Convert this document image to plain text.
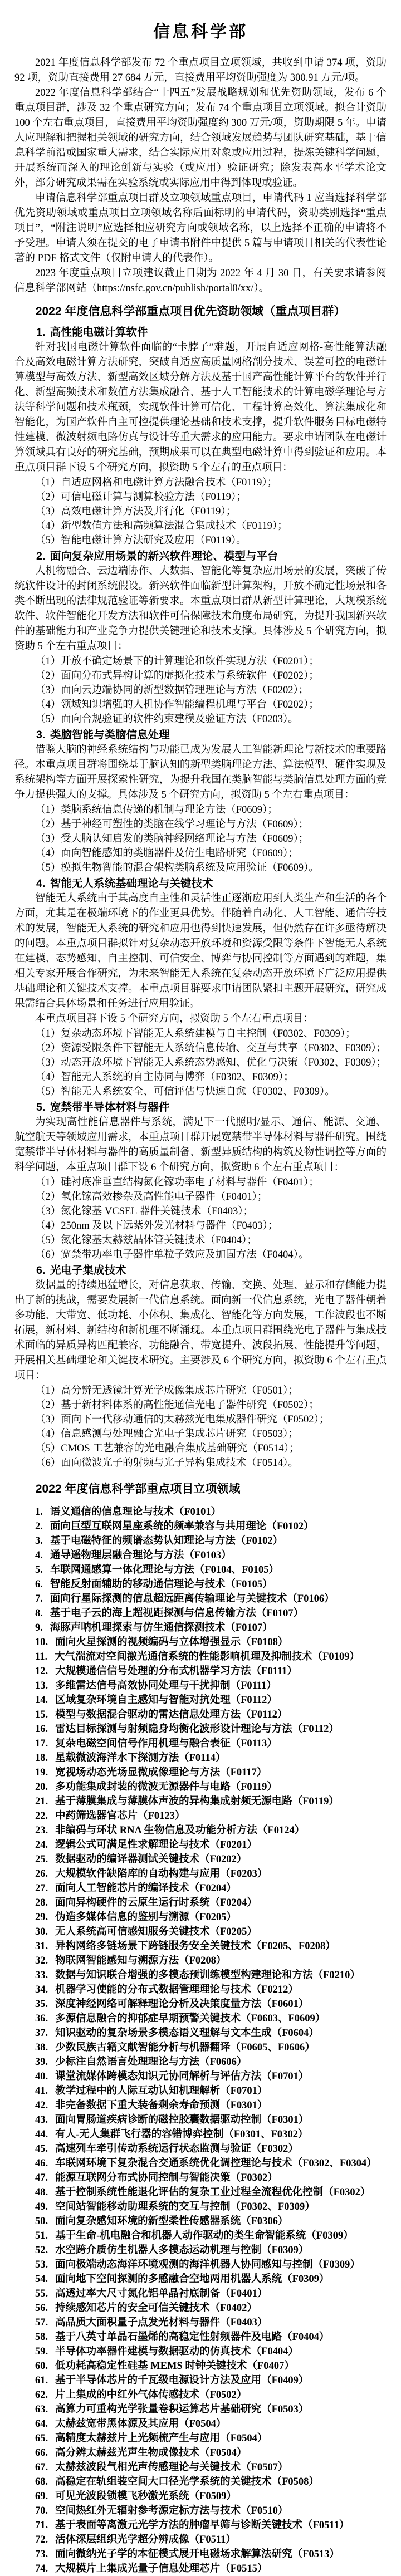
信息科学部

2021 年度信息科学部发布 72 个重点项目立项领域，共收到申请 374 项，资助 92 项，资助直接费用 27 684 万元，直接费用平均资助强度为 300.91 万元/项。

2022 年度信息科学部结合“十四五”发展战略规划和优先资助领域，发布 6 个重点项目群，涉及 32 个重点研究方向；发布 74 个重点项目立项领域。拟合计资助 100 个左右重点项目，直接费用平均资助强度约 300 万元/项，资助期限 5 年。申请人应理解和把握相关领域的研究方向，结合领域发展趋势与团队研究基础，基于信息科学前沿或国家重大需求，结合实际应用对象或应用过程，提炼关键科学问题，开展系统而深入的理论创新与实验（或应用）验证研究；除发表高水平学术论文外，部分研究成果需在实验系统或实际应用中得到体现或验证。

申请信息科学部重点项目群及立项领域重点项目，申请代码 1 应当选择科学部优先资助领域或重点项目立项领域名称后面标明的申请代码，资助类别选择“重点项目”，“附注说明”应选择相应研究方向或领域名称，以上选择不正确的申请将不予受理。申请人须在提交的电子申请书附件中提供 5 篇与申请项目相关的代表性论著的 PDF 格式文件（仅附申请人的代表作）。

2023 年度重点项目立项建议截止日期为 2022 年 4 月 30 日，有关要求请参阅信息科学部网站（https://nsfc.gov.cn/publish/portal0/xx/）。

2022 年度信息科学部重点项目优先资助领域（重点项目群）
1. 高性能电磁计算软件

针对我国电磁计算软件面临的“卡脖子”难题，开展自适应网格-高性能算法融合及高效电磁计算方法研究，突破自适应高质量网格剖分技术、误差可控的电磁计算模型与高效方法、新型高效区域分解方法及基于国产高性能计算平台的软件并行化、新型高频技术和数值方法集成融合、基于人工智能技术的计算电磁学理论与方法等科学问题和技术瓶颈，实现软件计算可信化、工程计算高效化、算法集成化和智能化，为国产软件自主可控提供理论基础和技术支撑，提升软件服务目标电磁特性建模、微波射频电路仿真与设计等重大需求的应用能力。要求申请团队在电磁计算领域具有良好的研究基础，预期成果可以在典型电磁计算中得到验证和应用。本重点项目群下设 5 个研究方向，拟资助 5 个左右的重点项目：

（1）自适应网格和电磁计算方法融合技术（F0119）；

（2）可信电磁计算与测算校验方法（F0119）；

（3）高效电磁计算方法及并行化（F0119）；

（4）新型数值方法和高频算法混合集成技术（F0119）；

（5）智能电磁计算方法研究及应用（F0119）。

2. 面向复杂应用场景的新兴软件理论、模型与平台

人机物融合、云边端协作、大数据、智能化等复杂应用场景的发展，突破了传统软件设计的封闭系统假设。新兴软件面临新型计算架构，开放不确定性场景和各类不断出现的法律规范验证等新要求。本重点项目群从新型计算理论，大规模系统软件、软件智能化开发方法和软件可信保障技术角度布局研究，为提升我国新兴软件的基础能力和产业竞争力提供关键理论和技术支撑。具体涉及 5 个研究方向，拟资助 5 个左右重点项目：

（1）开放不确定场景下的计算理论和软件实现方法（F0201）；

（2）面向分布式异构计算的虚拟化技术与系统软件（F0202）；

（3）面向云边端协同的新型数据管理理论与方法（F0202）；

（4）领域知识增强的人机协作智能编程机理与平台（F0202）；

（5）面向合规验证的软件约束建模及验证方法（F0203）。

3. 类脑智能与类脑信息处理

借鉴大脑的神经系统结构与功能已成为发展人工智能新理论与新技术的重要路径。本重点项目群将围绕基于脑认知的新型类脑理论方法、算法模型、硬件实现及系统架构等方面开展探索性研究，为提升我国在类脑智能与类脑信息处理方面的竞争力提供强大的支撑。具体涉及 5 个研究方向，拟资助 5 个左右重点项目：

（1）类脑系统信息传递的机制与理论方法（F0609）；

（2）基于神经可塑性的类脑在线学习理论与方法（F0609）；

（3）受大脑认知启发的类脑神经网络理论与方法（F0609）；

（4）面向智能感知的类脑器件及仿生电路研究（F0609）；

（5）模拟生物智能的混合架构类脑系统及应用验证（F0609）。

4. 智能无人系统基础理论与关键技术

智能无人系统由于其高度自主性和灵活性正逐渐应用到人类生产和生活的各个方面，尤其是在极端环境下的作业更具优势。伴随着自动化、人工智能、通信等技术的发展，智能无人系统的研究和应用也得到快速发展，但仍然存在许多亟待解决的问题。本重点项目群拟针对复杂动态开放环境和资源受限等条件下智能无人系统在建模、态势感知、自主控制、可信安全、博弈与协同控制等方面遇到的难题，集相关专家开展合作研究，为未来智能无人系统在复杂动态开放环境下广泛应用提供基础理论和关键技术支撑。本重点项目群要求申请团队紧扣主题开展研究，研究成果需结合具体场景和任务进行应用验证。

本重点项目群下设 5 个研究方向，拟资助 5 个左右重点项目：

（1）复杂动态环境下智能无人系统建模与自主控制（F0302、F0309）；

（2）资源受限条件下智能无人系统信息传输、交互与共享（F0302、F0309）；

（3）动态开放环境下智能无人系统态势感知、优化与决策（F0302、F0309）；

（4）智能无人系统的自主协同与博弈（F0302、F0309）；

（5）智能无人系统安全、可信评估与快速自愈（F0302、F0309）。

5. 宽禁带半导体材料与器件

为实现高性能信息器件与系统，满足下一代照明/显示、通信、能源、交通、航空航天等领域应用需求，本重点项目群开展宽禁带半导体材料与器件研究。围绕宽禁带半导体材料与器件的高质量制备、新型异质结构的构筑及物性调控等方面的科学问题，本重点项目群下设 6 个研究方向，拟资助 6 个左右重点项目：

（1）硅衬底准垂直结构氮化镓功率电子材料与器件（F0401）；

（2）氧化镓高效掺杂及高性能电子器件（F0401）；

（3）氮化镓基 VCSEL 器件关键技术（F0403）；

（4）250nm 及以下远紫外发光材料与器件（F0403）；

（5）氮化镓基太赫兹晶体管关键技术（F0404）；

（6）宽禁带功率电子器件单粒子效应及加固方法（F0404）。

6. 光电子集成技术

数据量的持续迅猛增长，对信息获取、传输、交换、处理、显示和存储能力提出了新的挑战，需要发展新一代信息系统。面向新一代信息系统，光电子器件朝着多功能、大带宽、低功耗、小体积、集成化、智能化等方向发展，工作波段也不断拓展，新材料、新结构和新机理不断涌现。本重点项目群围绕光电子器件与集成技术面临的异质异构匹配兼容、功能融合、带宽提升、波段拓展、性能提升等问题，开展相关基础理论和关键技术研究。主要涉及 6 个研究方向，拟资助 6 个左右重点项目：

（1）高分辨无透镜计算光学成像集成芯片研究（F0501）；

（2）基于新材料体系的高性能通信光电子器件研究（F0502）；

（3）面向下一代移动通信的太赫兹光电集成器件研究（F0502）；

（4）信息感测与处理融合光电子集成芯片研究（F0503）；

（5）CMOS 工艺兼容的光电融合集成基础研究（F0514）；

（6）面向微波光子的射频与光子异构集成技术（F0514）。

2022 年度信息科学部重点项目立项领域

1. 语义通信的信息理论与技术（F0101）

2. 面向巨型互联网星座系统的频率兼容与共用理论（F0102）

3. 基于电磁特征的频谱态势认知理论与方法（F0102）

4. 通导遥物理层融合理论与方法（F0103）

5. 车联网通感算一体化理论与方法（F0104、F0105）

6. 智能反射面辅助的移动通信理论与技术（F0105）

7. 面向行星际探测的信息超远距离传输理论与关键技术（F0106）

8. 基于电子云的海上超视距探测与信息传输方法（F0107）

9. 海豚声呐机理探索与仿生通信探测技术（F0107）

10. 面向火星探测的视频编码与立体增强显示（F0108）

11. 大气湍流对空间激光通信系统的性能影响机理及抑制技术（F0109）

12. 大规模通信信号处理的分布式机器学习方法（F0111）

13. 多维雷达信号高效协同处理与干扰抑制（F0111）

14. 区域复杂环境自主感知与智能对抗处理（F0112）

15. 模型与数据混合驱动的雷达信息处理方法（F0112）

16. 雷达目标探测与射频隐身均衡化波形设计理论与方法（F0112）

17. 复杂电磁空间信号作用机理与融合表征（F0113）

18. 星载微波海洋水下探测方法（F0114）

19. 宽视场动态光场显微成像理论与方法（F0117）

20. 多功能集成封装的微波无源器件与电路（F0119）

21. 基于薄膜集成与薄膜体声波的异构集成射频无源电路（F0119）

22. 中药筛选器官芯片（F0123）

23. 非编码与环状 RNA 生物信息及功能分析方法（F0124）

24. 逻辑公式可满足性求解理论与技术（F0201）

25. 数据驱动的编译器测试关键技术（F0202）

26. 大规模软件缺陷库的自动构建与应用（F0203）

27. 面向人工智能芯片的编译技术（F0204）

28. 面向异构硬件的云原生运行时系统（F0204）

29. 伪造多媒体信息的鉴别与溯源（F0205）

30. 无人系统高可信感知服务关键技术（F0205）

31. 异构网络多链场景下跨链服务安全关键技术（F0205、F0208）

32. 物联网智能感知与溯源方法（F0208）

33. 数据与知识联合增强的多模态预训练模型构建理论和方法（F0210）

34. 机器学习使能的分布式数据管理理论与技术（F0212）

35. 深度神经网络可解释理论分析及决策度量方法（F0601）

36. 多源信息融合的抑郁症早期预警关键技术（F0603、F0609）

37. 知识驱动的复杂场景多模态语义理解与文本生成（F0604）

38. 少数民族古籍文献智能分析与机器翻译（F0605、F0606）

39. 少标注自然语言处理理论与方法（F0606）

40. 课堂流媒体跨模态知识元协同解析与评估方法（F0701）

41. 教学过程中的人际互动认知机理解析（F0701）

42. 非完备数据下重大装备剩余寿命预测（F0301）

43. 面向胃肠道疾病诊断的磁控胶囊数据驱动控制（F0301）

44. 有人-无人集群飞行器的容错博弈控制（F0301、F0302）

45. 高速列车牵引传动系统运行状态监测与验证（F0302）

46. 车联网环境下复杂混合交通系统优化调控理论与技术（F0302、F0304）

47. 能源互联网分布式协同控制与智能决策（F0302）

48. 基于控制系统性能退化评估的复杂工业过程全流程优化控制（F0302）

49. 空间站智能移动助理系统的交互与控制（F0302、F0309）

50. 面向复杂感知环境的新型柔性传感器系统（F0306）

51. 基于生命-机电融合和机器人动作驱动的类生命智能系统（F0309）

52. 水空跨介质仿生机器人多模态运动机理与控制（F0309）

53. 面向极端动态海洋环境观测的海洋机器人协同感知与控制（F0309）

54. 面向地下空间探测的多感融合空地两用机器人系统（F0309）

55. 高透过率大尺寸氮化铝单晶衬底制备（F0401）

56. 持续感知芯片的安全可信关键技术（F0402）

57. 高品质大面积量子点发光材料与器件（F0403）

58. 基于八英寸单晶石墨烯的高稳定性射频器件及电路（F0404）

59. 半导体功率器件建模与数据驱动的仿真技术（F0404）

60. 低功耗高稳定性硅基 MEMS 时钟关键技术（F0407）

61. 基于半导体芯片的千瓦级电源设计方法及应用（F0409）

62. 片上集成的中红外气体传感技术（F0502）

63. 高算力可重构光学张量卷积运算芯片基础研究（F0503）

64. 太赫兹宽带黑体源及其应用（F0504）

65. 高精度太赫兹片上光频梳产生与应用（F0504）

66. 高分辨太赫兹光声生物成像技术（F0504）

67. 太赫兹波段气相光声传感理论与关键技术（F0507）

68. 高稳定在轨组装空间大口径光学系统的关键技术（F0508）

69. 可见光波段锁模飞秒激光系统（F0509）

70. 空间热红外无辐射参考源定标方法与技术（F0510）

71. 基于表面等离激元光学方法的肿瘤早筛与诊断关键技术（F0511）

72. 活体深层组织光学超分辨成像（F0511）

73. 面向微纳光子学的本征模式展开电磁场求解算法研究（F0513）

74. 大规模片上集成光量子信息处理芯片（F0515）
